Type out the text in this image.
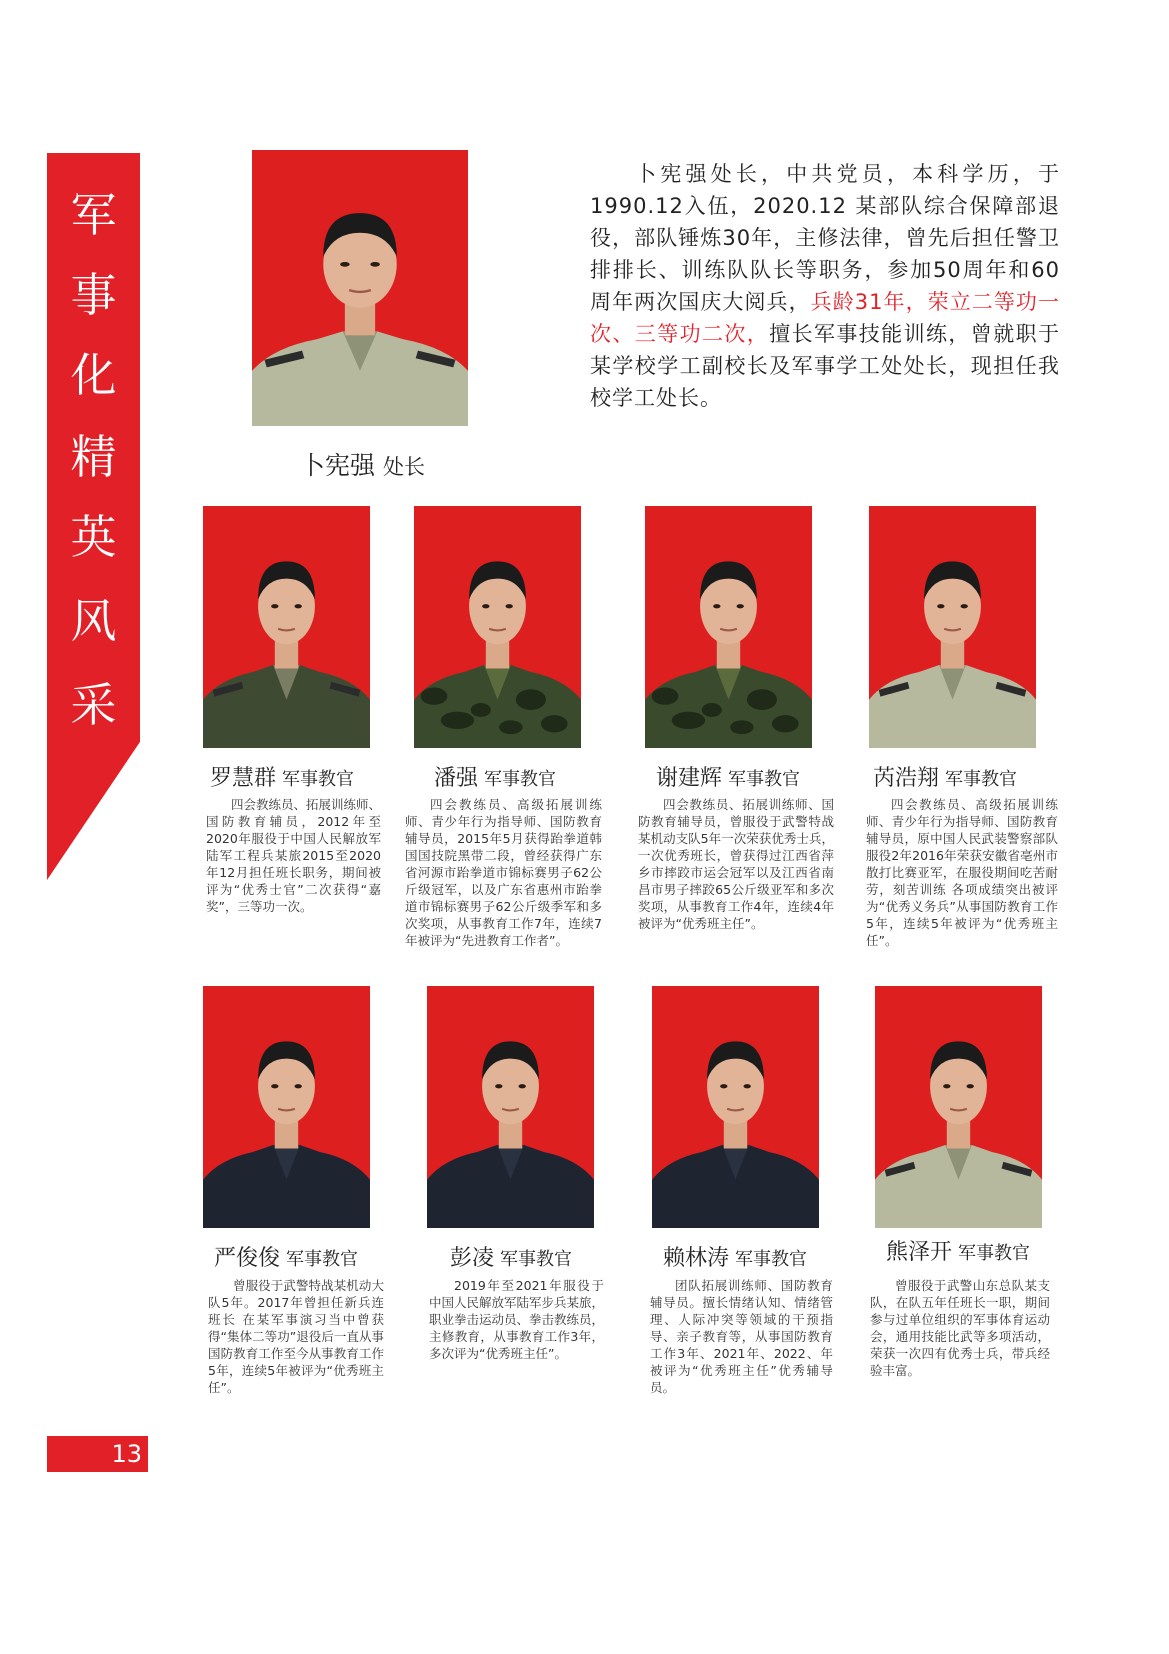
军
事
化
精
英
风
采
卜宪强处长，中共党员，本科学历，于1990.12入伍，2020.12 某部队综合保障部退役，部队锤炼30年，主修法律，曾先后担任警卫排排长、训练队队长等职务，参加50周年和60周年两次国庆大阅兵，兵龄31年，荣立二等功一次、三等功二次，擅长军事技能训练，曾就职于某学校学工副校长及军事学工处处长，现担任我校学工处长。
卜宪强 处长
罗慧群 军事教官	潘强 军事教官	谢建辉 军事教官	芮浩翔 军事教官
四会教练员、拓展训练师、国防教育辅员，2012年至2020年服役于中国人民解放军陆军工程兵某旅2015至2020年12月担任班长职务，期间被评为“优秀士官”二次获得“嘉奖”，三等功一次。
四会教练员、高级拓展训练师、青少年行为指导师、国防教育辅导员，2015年5月获得跆拳道韩国国技院黑带二段，曾经获得广东省河源市跆拳道市锦标赛男子62公斤级冠军，以及广东省惠州市跆拳道市锦标赛男子62公斤级季军和多次奖项，从事教育工作7年，连续7年被评为“先进教育工作者”。
四会教练员、拓展训练师、国防教育辅导员，曾服役于武警特战某机动支队5年一次荣获优秀士兵，一次优秀班长，曾获得过江西省萍乡市摔跤市运会冠军以及江西省南昌市男子摔跤65公斤级亚军和多次奖项，从事教育工作4年，连续4年被评为“优秀班主任”。
四会教练员、高级拓展训练师、青少年行为指导师、国防教育辅导员，原中国人民武装警察部队服役2年2016年荣获安徽省亳州市散打比赛亚军，在服役期间吃苦耐劳，刻苦训练 各项成绩突出被评为“优秀义务兵”从事国防教育工作5年，连续5年被评为“优秀班主任”。
严俊俊 军事教官	彭凌 军事教官	赖林涛 军事教官	熊泽开 军事教官
曾服役于武警特战某机动大队5年。2017年曾担任新兵连班长 在某军事演习当中曾获得“集体二等功”退役后一直从事国防教育工作至今从事教育工作5年，连续5年被评为“优秀班主任”。
2019年至2021年服役于中国人民解放军陆军步兵某旅，职业拳击运动员、拳击教练员，主修教育，从事教育工作3年，多次评为“优秀班主任”。
团队拓展训练师、国防教育辅导员。擅长情绪认知、情绪管理、人际冲突等领域的干预指导、亲子教育等，从事国防教育工作3年、2021年、2022、年被评为“优秀班主任”优秀辅导员。
曾服役于武警山东总队某支队，在队五年任班长一职，期间参与过单位组织的军事体育运动会，通用技能比武等多项活动，荣获一次四有优秀士兵，带兵经验丰富。
13
